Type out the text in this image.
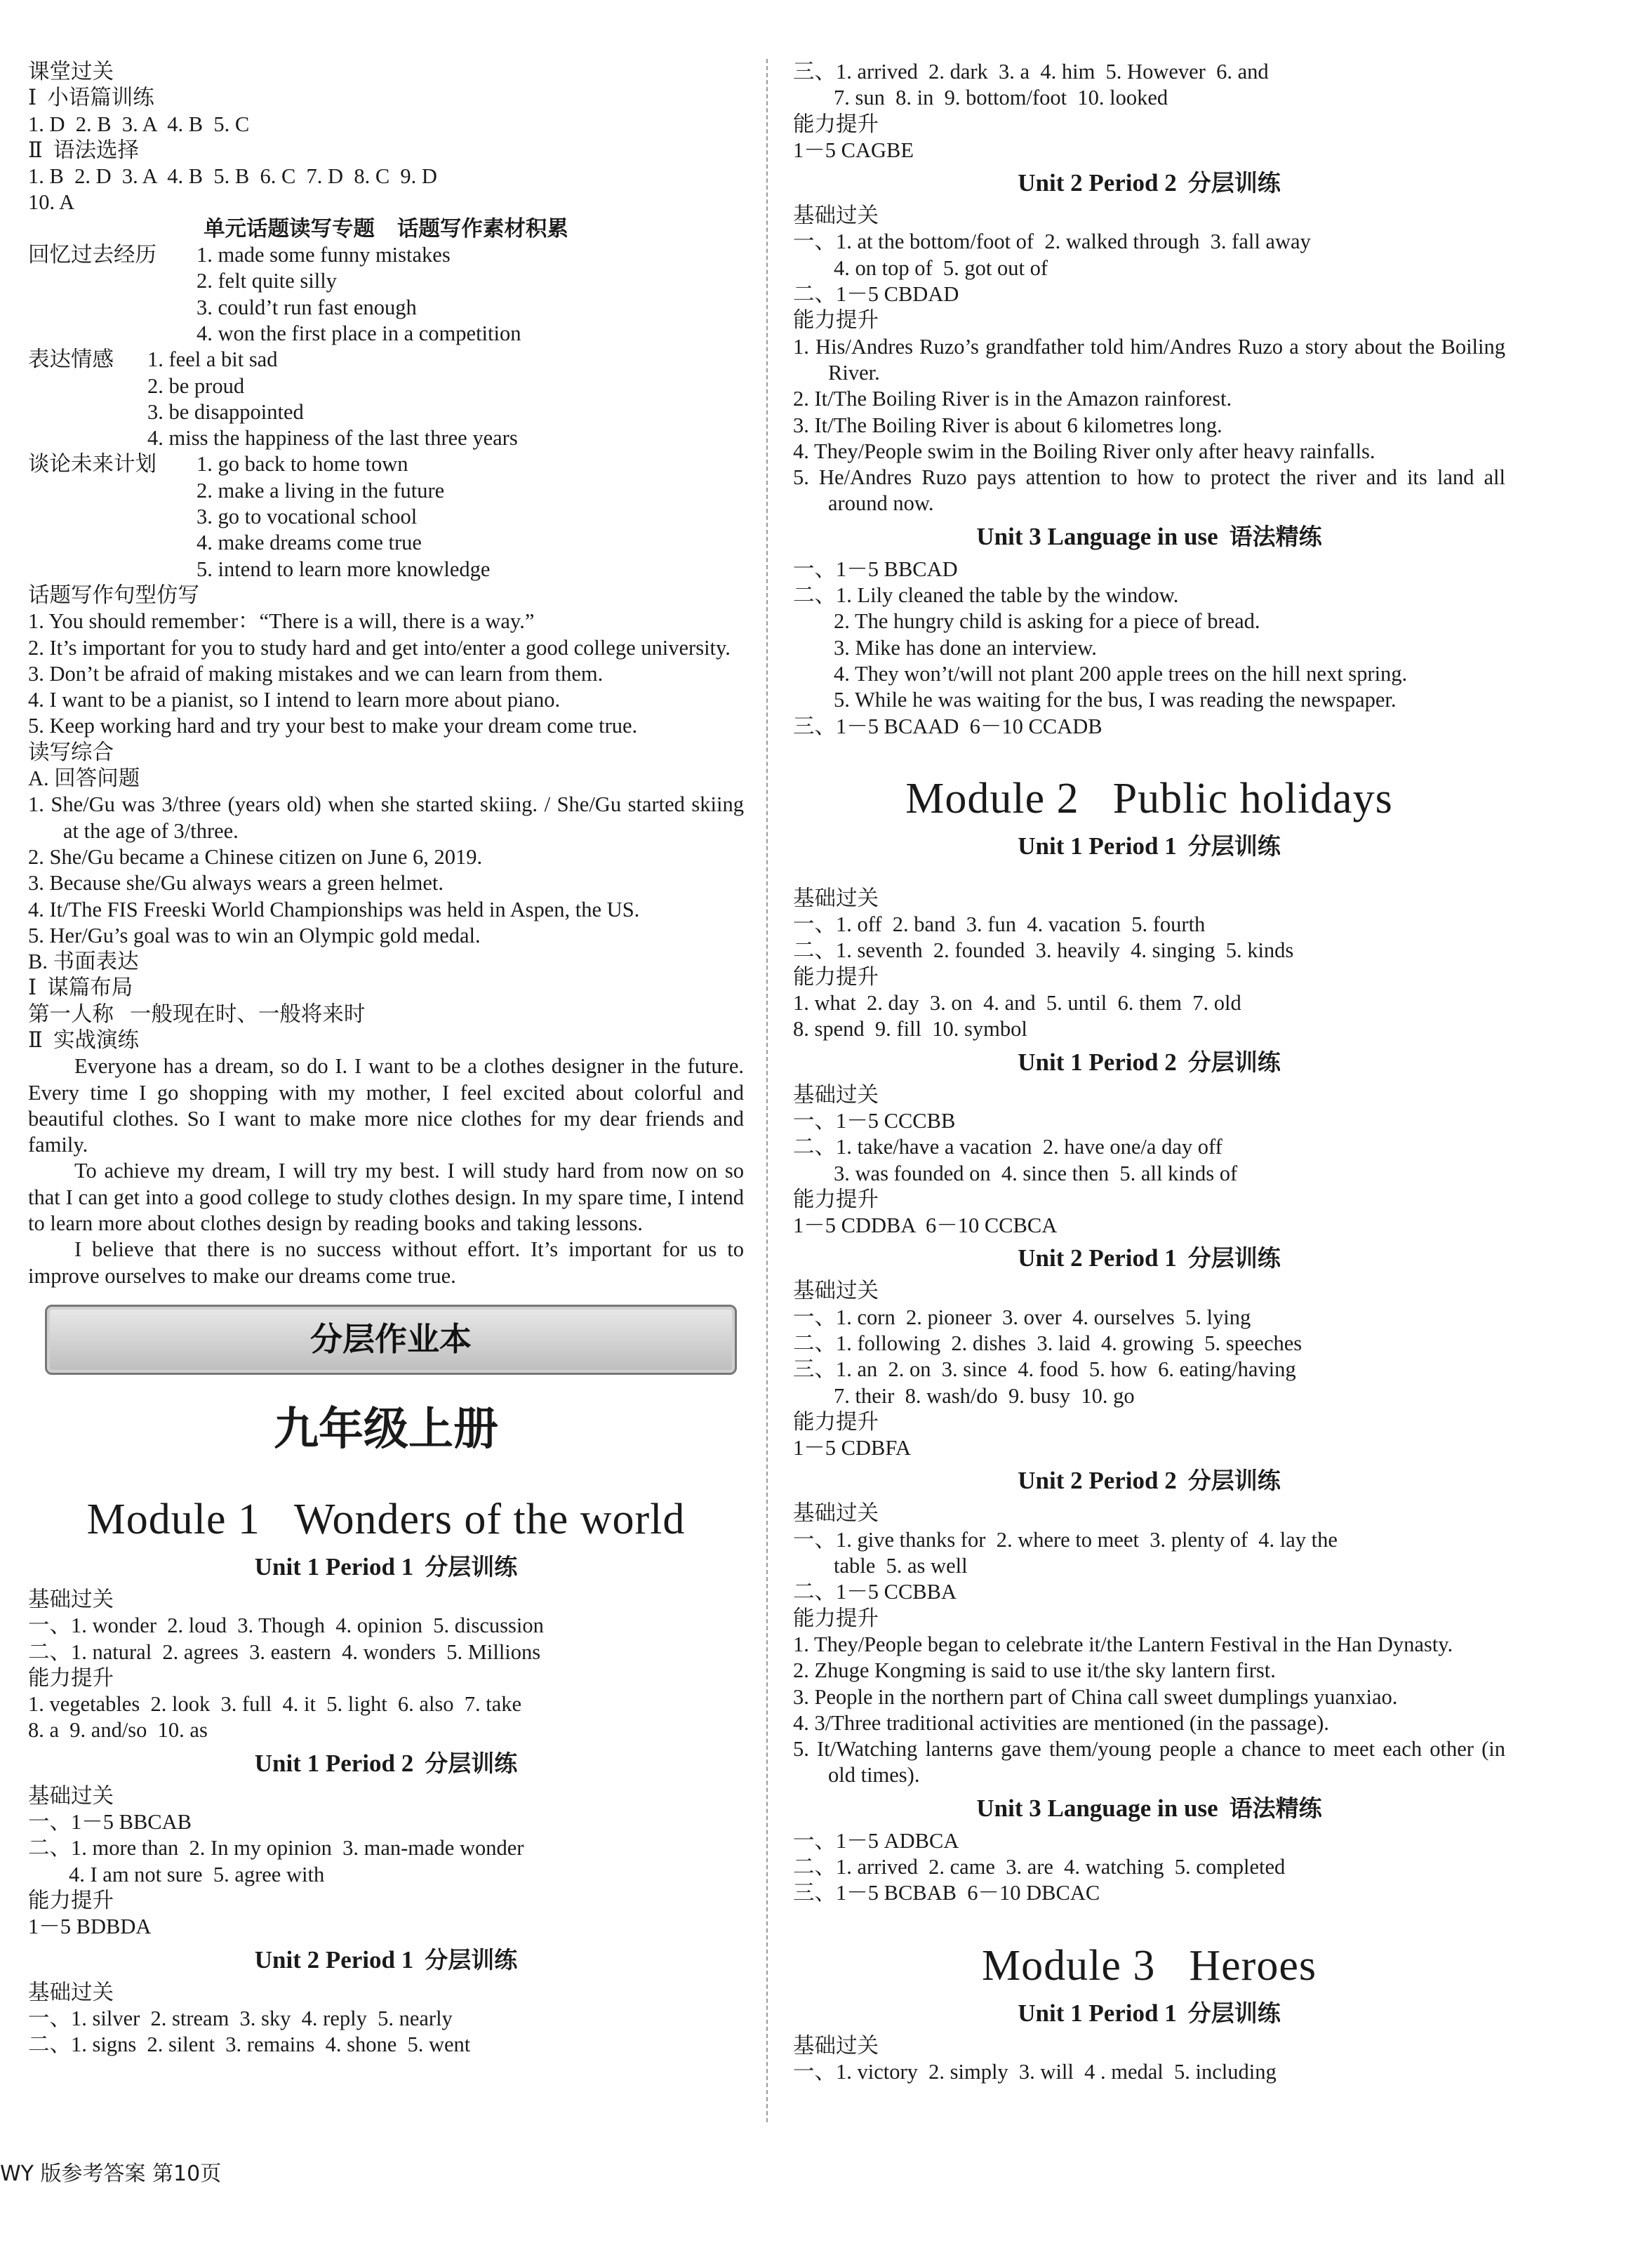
课堂过关
Ⅰ  小语篇训练
1. D  2. B  3. A  4. B  5. C
Ⅱ  语法选择
1. B  2. D  3. A  4. B  5. B  6. C  7. D  8. C  9. D
10. A
单元话题读写专题   话题写作素材积累
回忆过去经历	1. made some funny mistakes
2. felt quite silly
3. could’t run fast enough
4. won the first place in a competition
表达情感	1. feel a bit sad
2. be proud
3. be disappointed
4. miss the happiness of the last three years
谈论未来计划	1. go back to home town
2. make a living in the future
3. go to vocational school
4. make dreams come true
5. intend to learn more knowledge
话题写作句型仿写
1. You should remember：“There is a will, there is a way.”
2. It’s important for you to study hard and get into/enter a good college university.
3. Don’t be afraid of making mistakes and we can learn from them.
4. I want to be a pianist, so I intend to learn more about piano.
5. Keep working hard and try your best to make your dream come true.
读写综合
A. 回答问题
1. She/Gu was 3/three (years old) when she started skiing. / She/Gu started skiing at the age of 3/three.
2. She/Gu became a Chinese citizen on June 6, 2019.
3. Because she/Gu always wears a green helmet.
4. It/The FIS Freeski World Championships was held in Aspen, the US.
5. Her/Gu’s goal was to win an Olympic gold medal.
B. 书面表达
Ⅰ  谋篇布局
第一人称   一般现在时、一般将来时
Ⅱ  实战演练
Everyone has a dream, so do I. I want to be a clothes designer in the future. Every time I go shopping with my mother, I feel excited about colorful and beautiful clothes. So I want to make more nice clothes for my dear friends and family.
To achieve my dream, I will try my best. I will study hard from now on so that I can get into a good college to study clothes design. In my spare time, I intend to learn more about clothes design by reading books and taking lessons.
I believe that there is no success without effort. It’s important for us to improve ourselves to make our dreams come true.
分层作业本
九年级上册
Module 1 Wonders of the world
Unit 1 Period 1 分层训练
基础过关
一、1. wonder  2. loud  3. Though  4. opinion  5. discussion
二、1. natural  2. agrees  3. eastern  4. wonders  5. Millions
能力提升
1. vegetables  2. look  3. full  4. it  5. light  6. also  7. take
8. a  9. and/so  10. as
Unit 1 Period 2 分层训练
基础过关
一、1－5 BBCAB
二、1. more than  2. In my opinion  3. man-made wonder
4. I am not sure  5. agree with
能力提升
1－5 BDBDA
Unit 2 Period 1 分层训练
基础过关
一、1. silver  2. stream  3. sky  4. reply  5. nearly
二、1. signs  2. silent  3. remains  4. shone  5. went
三、1. arrived  2. dark  3. a  4. him  5. However  6. and
7. sun  8. in  9. bottom/foot  10. looked
能力提升
1－5 CAGBE
Unit 2 Period 2 分层训练
基础过关
一、1. at the bottom/foot of  2. walked through  3. fall away
4. on top of  5. got out of
二、1－5 CBDAD
能力提升
1. His/Andres Ruzo’s grandfather told him/Andres Ruzo a story about the Boiling River.
2. It/The Boiling River is in the Amazon rainforest.
3. It/The Boiling River is about 6 kilometres long.
4. They/People swim in the Boiling River only after heavy rainfalls.
5. He/Andres Ruzo pays attention to how to protect the river and its land all around now.
Unit 3 Language in use 语法精练
一、1－5 BBCAD
二、1. Lily cleaned the table by the window.
2. The hungry child is asking for a piece of bread.
3. Mike has done an interview.
4. They won’t/will not plant 200 apple trees on the hill next spring.
5. While he was waiting for the bus, I was reading the newspaper.
三、1－5 BCAAD  6－10 CCADB
Module 2 Public holidays
Unit 1 Period 1 分层训练
基础过关
一、1. off  2. band  3. fun  4. vacation  5. fourth
二、1. seventh  2. founded  3. heavily  4. singing  5. kinds
能力提升
1. what  2. day  3. on  4. and  5. until  6. them  7. old
8. spend  9. fill  10. symbol
Unit 1 Period 2 分层训练
基础过关
一、1－5 CCCBB
二、1. take/have a vacation  2. have one/a day off
3. was founded on  4. since then  5. all kinds of
能力提升
1－5 CDDBA  6－10 CCBCA
Unit 2 Period 1 分层训练
基础过关
一、1. corn  2. pioneer  3. over  4. ourselves  5. lying
二、1. following  2. dishes  3. laid  4. growing  5. speeches
三、1. an  2. on  3. since  4. food  5. how  6. eating/having
7. their  8. wash/do  9. busy  10. go
能力提升
1－5 CDBFA
Unit 2 Period 2 分层训练
基础过关
一、1. give thanks for  2. where to meet  3. plenty of  4. lay the
table  5. as well
二、1－5 CCBBA
能力提升
1. They/People began to celebrate it/the Lantern Festival in the Han Dynasty.
2. Zhuge Kongming is said to use it/the sky lantern first.
3. People in the northern part of China call sweet dumplings yuanxiao.
4. 3/Three traditional activities are mentioned (in the passage).
5. It/Watching lanterns gave them/young people a chance to meet each other (in old times).
Unit 3 Language in use 语法精练
一、1－5 ADBCA
二、1. arrived  2. came  3. are  4. watching  5. completed
三、1－5 BCBAB  6－10 DBCAC
Module 3 Heroes
Unit 1 Period 1 分层训练
基础过关
一、1. victory  2. simply  3. will  4 . medal  5. including
WY 版参考答案 第10页
